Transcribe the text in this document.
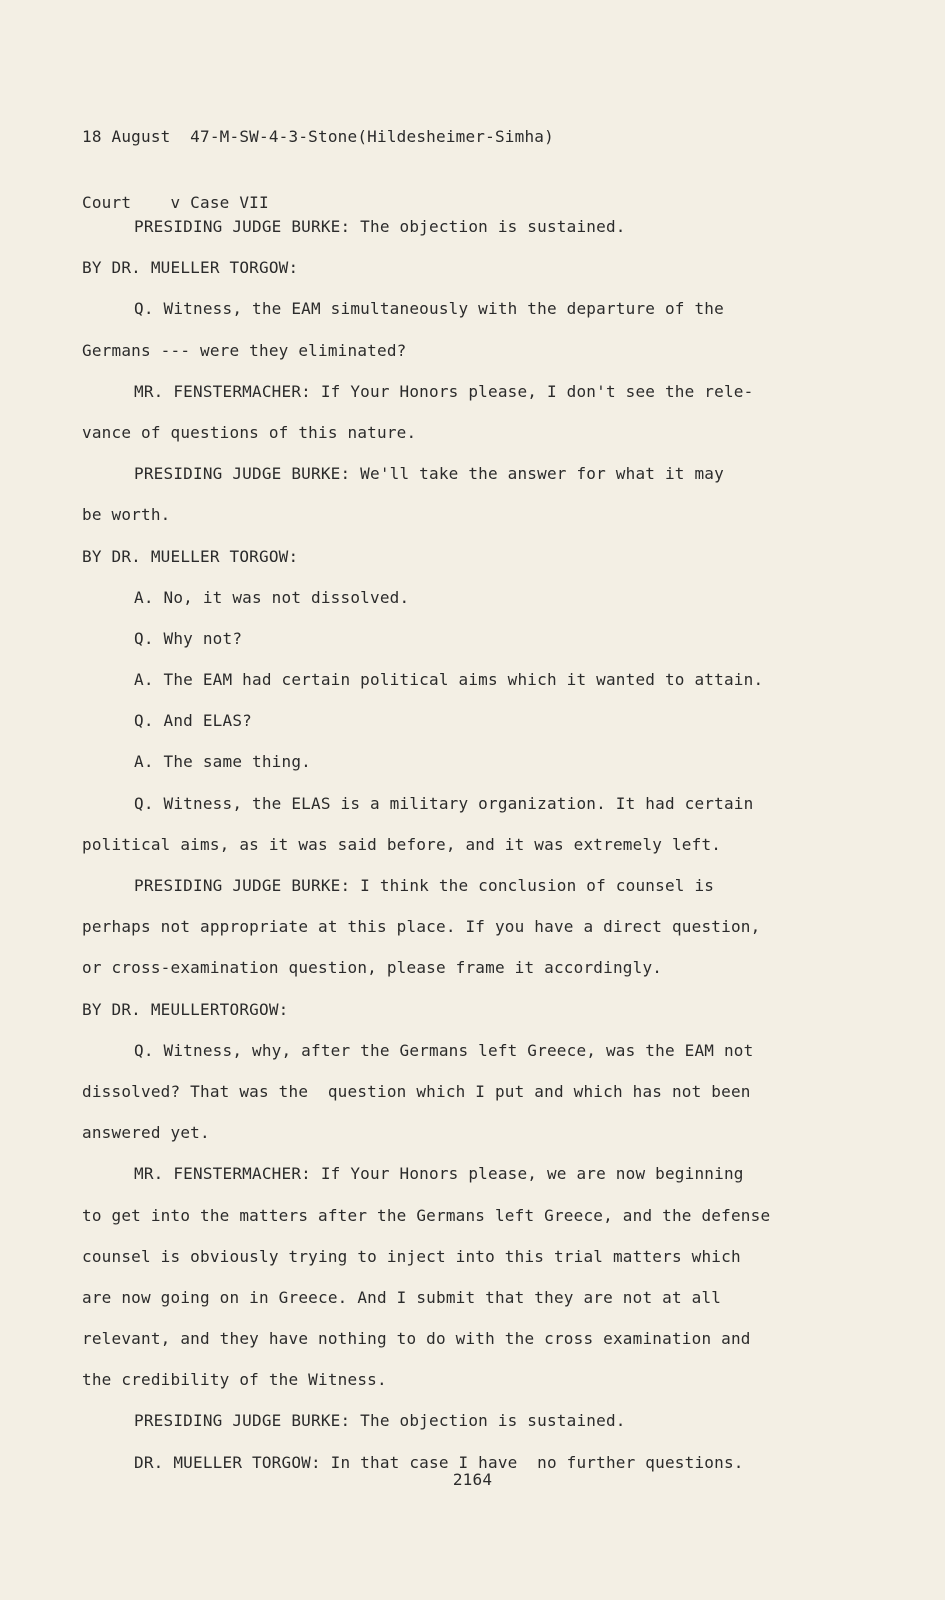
18 August  47-M-SW-4-3-Stone(Hildesheimer-Simha)

Court    v Case VII

PRESIDING JUDGE BURKE: The objection is sustained.
BY DR. MUELLER TORGOW:
Q. Witness, the EAM simultaneously with the departure of the
Germans --- were they eliminated?
MR. FENSTERMACHER: If Your Honors please, I don't see the rele-
vance of questions of this nature.
PRESIDING JUDGE BURKE: We'll take the answer for what it may
be worth.
BY DR. MUELLER TORGOW:
A. No, it was not dissolved.
Q. Why not?
A. The EAM had certain political aims which it wanted to attain.
Q. And ELAS?
A. The same thing.
Q. Witness, the ELAS is a military organization. It had certain
political aims, as it was said before, and it was extremely left.
PRESIDING JUDGE BURKE: I think the conclusion of counsel is
perhaps not appropriate at this place. If you have a direct question,
or cross-examination question, please frame it accordingly.
BY DR. MEULLERTORGOW:
Q. Witness, why, after the Germans left Greece, was the EAM not
dissolved? That was the  question which I put and which has not been
answered yet.
MR. FENSTERMACHER: If Your Honors please, we are now beginning
to get into the matters after the Germans left Greece, and the defense
counsel is obviously trying to inject into this trial matters which
are now going on in Greece. And I submit that they are not at all
relevant, and they have nothing to do with the cross examination and
the credibility of the Witness.
PRESIDING JUDGE BURKE: The objection is sustained.
DR. MUELLER TORGOW: In that case I have  no further questions.
2164
